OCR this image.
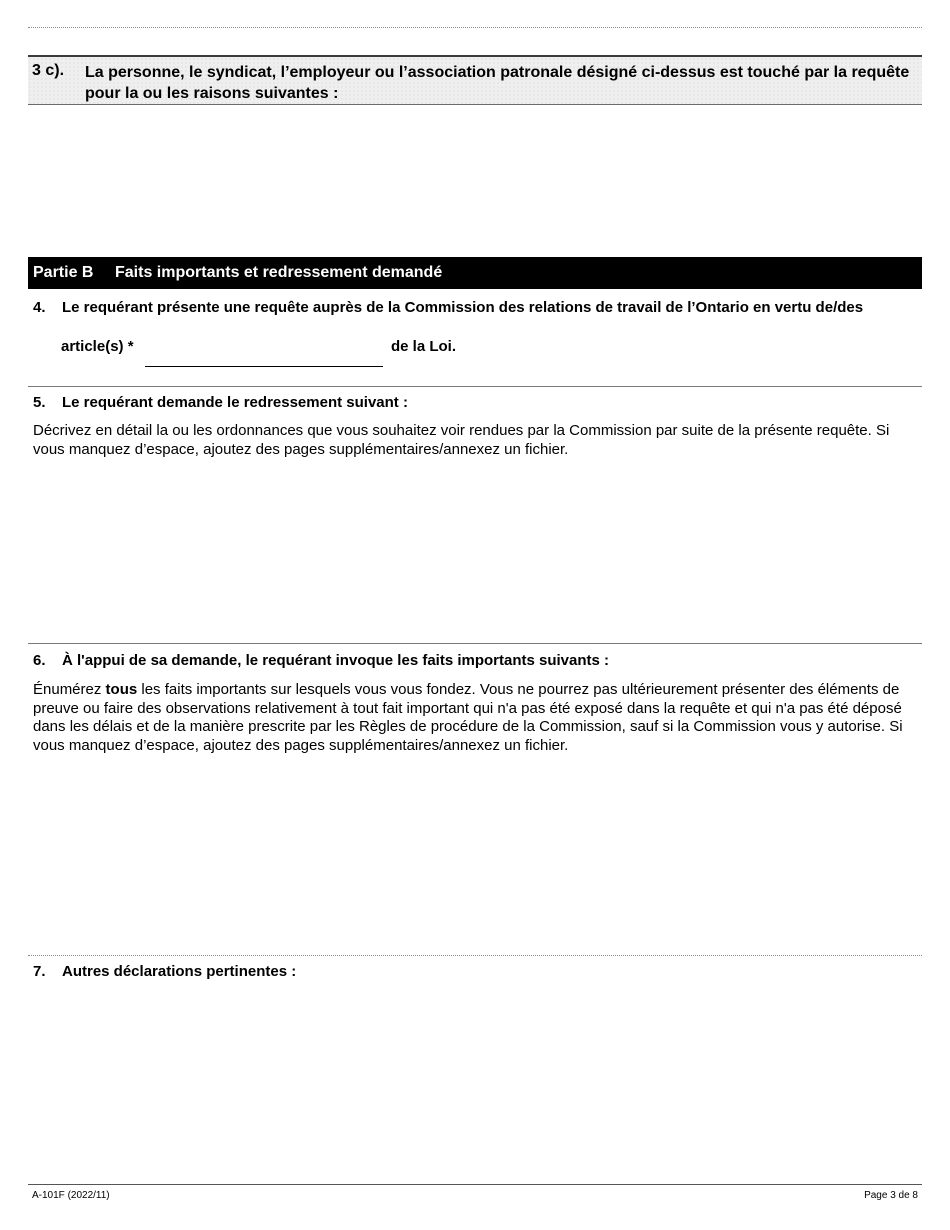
3 c). La personne, le syndicat, l’employeur ou l’association patronale désigné ci-dessus est touché par la requête pour la ou les raisons suivantes :
Partie B Faits importants et redressement demandé
4. Le requérant présente une requête auprès de la Commission des relations de travail de l’Ontario en vertu de/des
article(s) *	de la Loi.
5. Le requérant demande le redressement suivant :
Décrivez en détail la ou les ordonnances que vous souhaitez voir rendues par la Commission par suite de la présente requête. Si vous manquez d’espace, ajoutez des pages supplémentaires/annexez un fichier.
6. À l'appui de sa demande, le requérant invoque les faits importants suivants :
Énumérez tous les faits importants sur lesquels vous vous fondez. Vous ne pourrez pas ultérieurement présenter des éléments de preuve ou faire des observations relativement à tout fait important qui n'a pas été exposé dans la requête et qui n'a pas été déposé dans les délais et de la manière prescrite par les Règles de procédure de la Commission, sauf si la Commission vous y autorise. Si vous manquez d’espace, ajoutez des pages supplémentaires/annexez un fichier.
7. Autres déclarations pertinentes :
A-101F (2022/11)	Page 3 de 8
